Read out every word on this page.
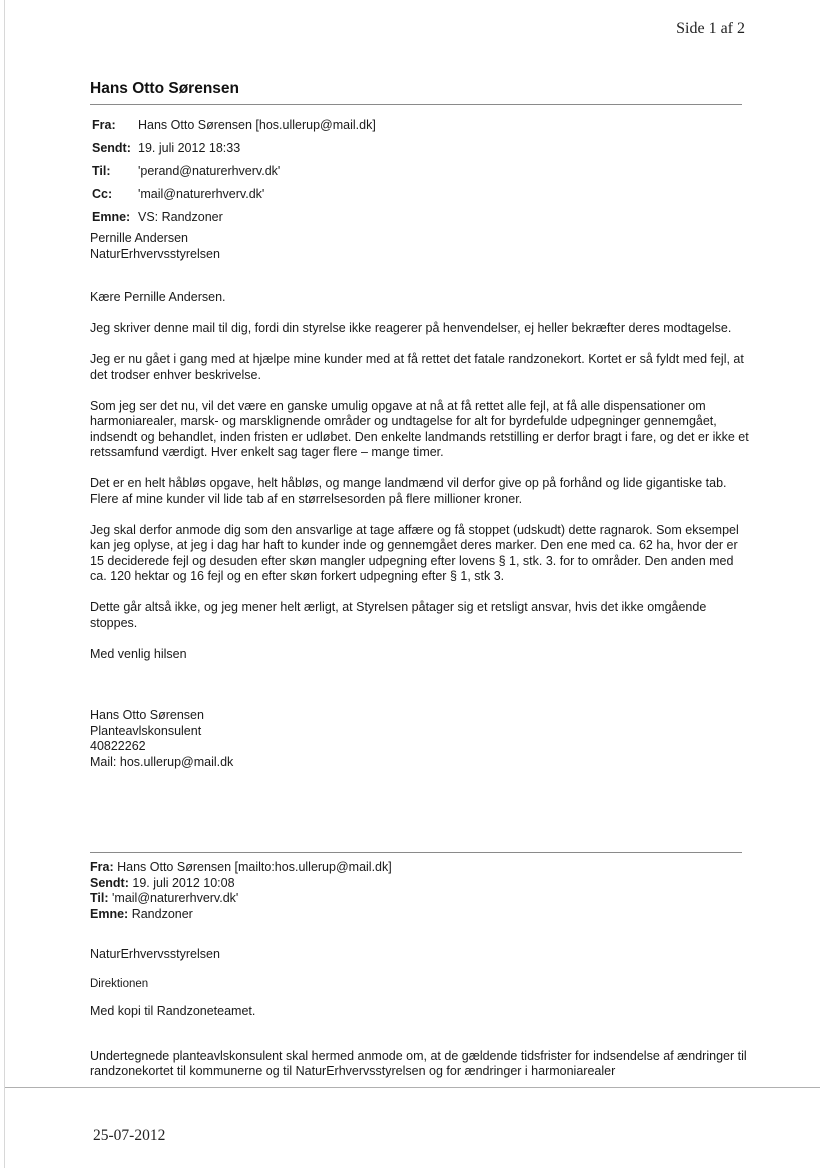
Side 1 af 2
Hans Otto Sørensen
Fra:	Hans Otto Sørensen [hos.ullerup@mail.dk]
Sendt:	19. juli 2012 18:33
Til:	'perand@naturerhverv.dk'
Cc:	'mail@naturerhverv.dk'
Emne:	VS: Randzoner
Pernille Andersen
NaturErhvervsstyrelsen

Kære Pernille Andersen.

Jeg skriver denne mail til dig, fordi din styrelse ikke reagerer på henvendelser, ej heller bekræfter deres modtagelse.

Jeg er nu gået i gang med at hjælpe mine kunder med at få rettet det fatale randzonekort. Kortet er så fyldt med fejl, at det trodser enhver beskrivelse.

Som jeg ser det nu, vil det være en ganske umulig opgave at nå at få rettet alle fejl, at få alle dispensationer om harmoniarealer, marsk- og marsklignende områder og undtagelse for alt for byrdefulde udpegninger gennemgået, indsendt og behandlet, inden fristen er udløbet. Den enkelte landmands retstilling er derfor bragt i fare, og det er ikke et retssamfund værdigt. Hver enkelt sag tager flere – mange timer.

Det er en helt håbløs opgave, helt håbløs, og mange landmænd vil derfor give op på forhånd og lide gigantiske tab. Flere af mine kunder vil lide tab af en størrelsesorden på flere millioner kroner.

Jeg skal derfor anmode dig som den ansvarlige at tage affære og få stoppet (udskudt) dette ragnarok. Som eksempel kan jeg oplyse, at jeg i dag har haft to kunder inde og gennemgået deres marker. Den ene med ca. 62 ha, hvor der er 15 deciderede fejl og desuden efter skøn mangler udpegning efter lovens § 1, stk. 3. for to områder. Den anden med ca. 120 hektar og 16 fejl og en efter skøn forkert udpegning efter § 1, stk 3.

Dette går altså ikke, og jeg mener helt ærligt, at Styrelsen påtager sig et retsligt ansvar, hvis det ikke omgående stoppes.

Med venlig hilsen

Hans Otto Sørensen
Planteavlskonsulent
40822262
Mail: hos.ullerup@mail.dk
Fra: Hans Otto Sørensen [mailto:hos.ullerup@mail.dk]
Sendt: 19. juli 2012 10:08
Til: 'mail@naturerhverv.dk'
Emne: Randzoner

NaturErhvervsstyrelsen

Direktionen

Med kopi til Randzoneteamet.

Undertegnede planteavlskonsulent skal hermed anmode om, at de gældende tidsfrister for indsendelse af ændringer til randzonekortet til kommunerne og til NaturErhvervsstyrelsen og for ændringer i harmoniarealer

25-07-2012
